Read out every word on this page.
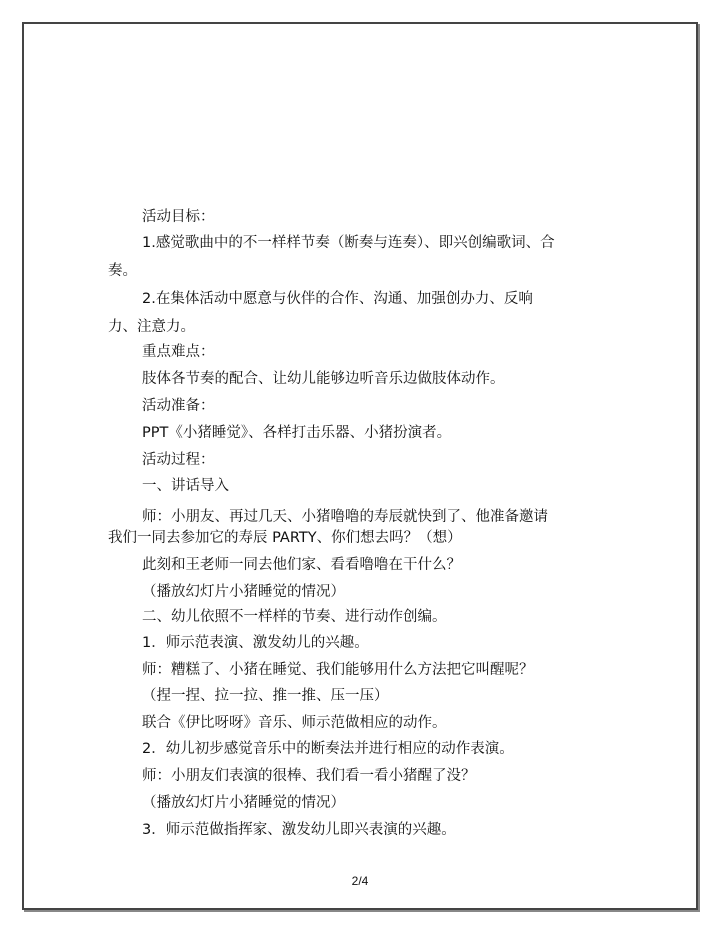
活动目标：
1.感觉歌曲中的不一样样节奏（断奏与连奏）、即兴创编歌词、合
奏。
2.在集体活动中愿意与伙伴的合作、沟通、加强创办力、反响
力、注意力。
重点难点：
肢体各节奏的配合、让幼儿能够边听音乐边做肢体动作。
活动准备：
PPT《小猪睡觉》、各样打击乐器、小猪扮演者。
活动过程：
一、讲话导入
师：小朋友、再过几天、小猪噜噜的寿辰就快到了、他准备邀请
我们一同去参加它的寿辰 PARTY、你们想去吗？（想）
此刻和王老师一同去他们家、看看噜噜在干什么？
（播放幻灯片小猪睡觉的情况）
二、幼儿依照不一样样的节奏、进行动作创编。
1．师示范表演、激发幼儿的兴趣。
师：糟糕了、小猪在睡觉、我们能够用什么方法把它叫醒呢？
（捏一捏、拉一拉、推一推、压一压）
联合《伊比呀呀》音乐、师示范做相应的动作。
2．幼儿初步感觉音乐中的断奏法并进行相应的动作表演。
师：小朋友们表演的很棒、我们看一看小猪醒了没？
（播放幻灯片小猪睡觉的情况）
3．师示范做指挥家、激发幼儿即兴表演的兴趣。
2/4
